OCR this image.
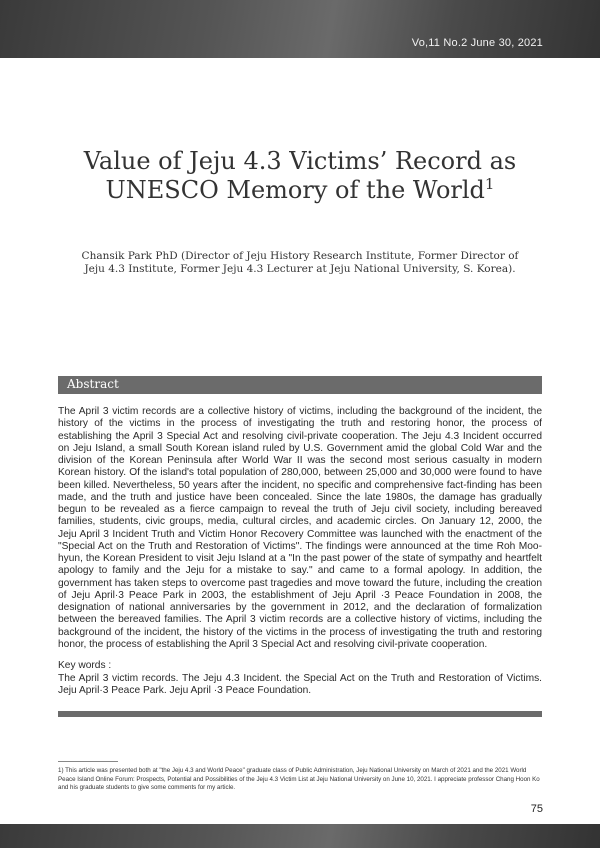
Vo,11 No.2 June 30, 2021
Value of Jeju 4.3 Victims’ Record as UNESCO Memory of the World$^1$
Chansik Park PhD (Director of Jeju History Research Institute, Former Director of Jeju 4.3 Institute, Former Jeju 4.3 Lecturer at Jeju National University, S. Korea).
Abstract

The April 3 victim records are a collective history of victims, including the background of the incident, the history of the victims in the process of investigating the truth and restoring honor, the process of establishing the April 3 Special Act and resolving civil-private cooperation. The Jeju 4.3 Incident occurred on Jeju Island, a small South Korean island ruled by U.S. Government amid the global Cold War and the division of the Korean Peninsula after World War II was the second most serious casualty in modern Korean history. Of the island's total population of 280,000, between 25,000 and 30,000 were found to have been killed. Nevertheless, 50 years after the incident, no specific and comprehensive fact-finding has been made, and the truth and justice have been concealed. Since the late 1980s, the damage has gradually begun to be revealed as a fierce campaign to reveal the truth of Jeju civil society, including bereaved families, students, civic groups, media, cultural circles, and academic circles. On January 12, 2000, the Jeju April 3 Incident Truth and Victim Honor Recovery Committee was launched with the enactment of the "Special Act on the Truth and Restoration of Victims". The findings were announced at the time Roh Moo-hyun, the Korean President to visit Jeju Island at a "In the past power of the state of sympathy and heartfelt apology to family and the Jeju for a mistake to say." and came to a formal apology. In addition, the government has taken steps to overcome past tragedies and move toward the future, including the creation of Jeju April·3 Peace Park in 2003, the establishment of Jeju April ·3 Peace Foundation in 2008, the designation of national anniversaries by the government in 2012, and the declaration of formalization between the bereaved families. The April 3 victim records are a collective history of victims, including the background of the incident, the history of the victims in the process of investigating the truth and restoring honor, the process of establishing the April 3 Special Act and resolving civil-private cooperation.

Key words :

The April 3 victim records. The Jeju 4.3 Incident. the Special Act on the Truth and Restoration of Victims. Jeju April·3 Peace Park. Jeju April ·3 Peace Foundation.

1) This article was presented both at "the Jeju 4.3 and World Peace" graduate class of Public Administration, Jeju National University on March of 2021 and the 2021 World Peace Island Online Forum: Prospects, Potential and Possibilities of the Jeju 4.3 Victim List at Jeju National University on June 10, 2021. I appreciate professor Chang Hoon Ko and his graduate students to give some comments for my article.

75
